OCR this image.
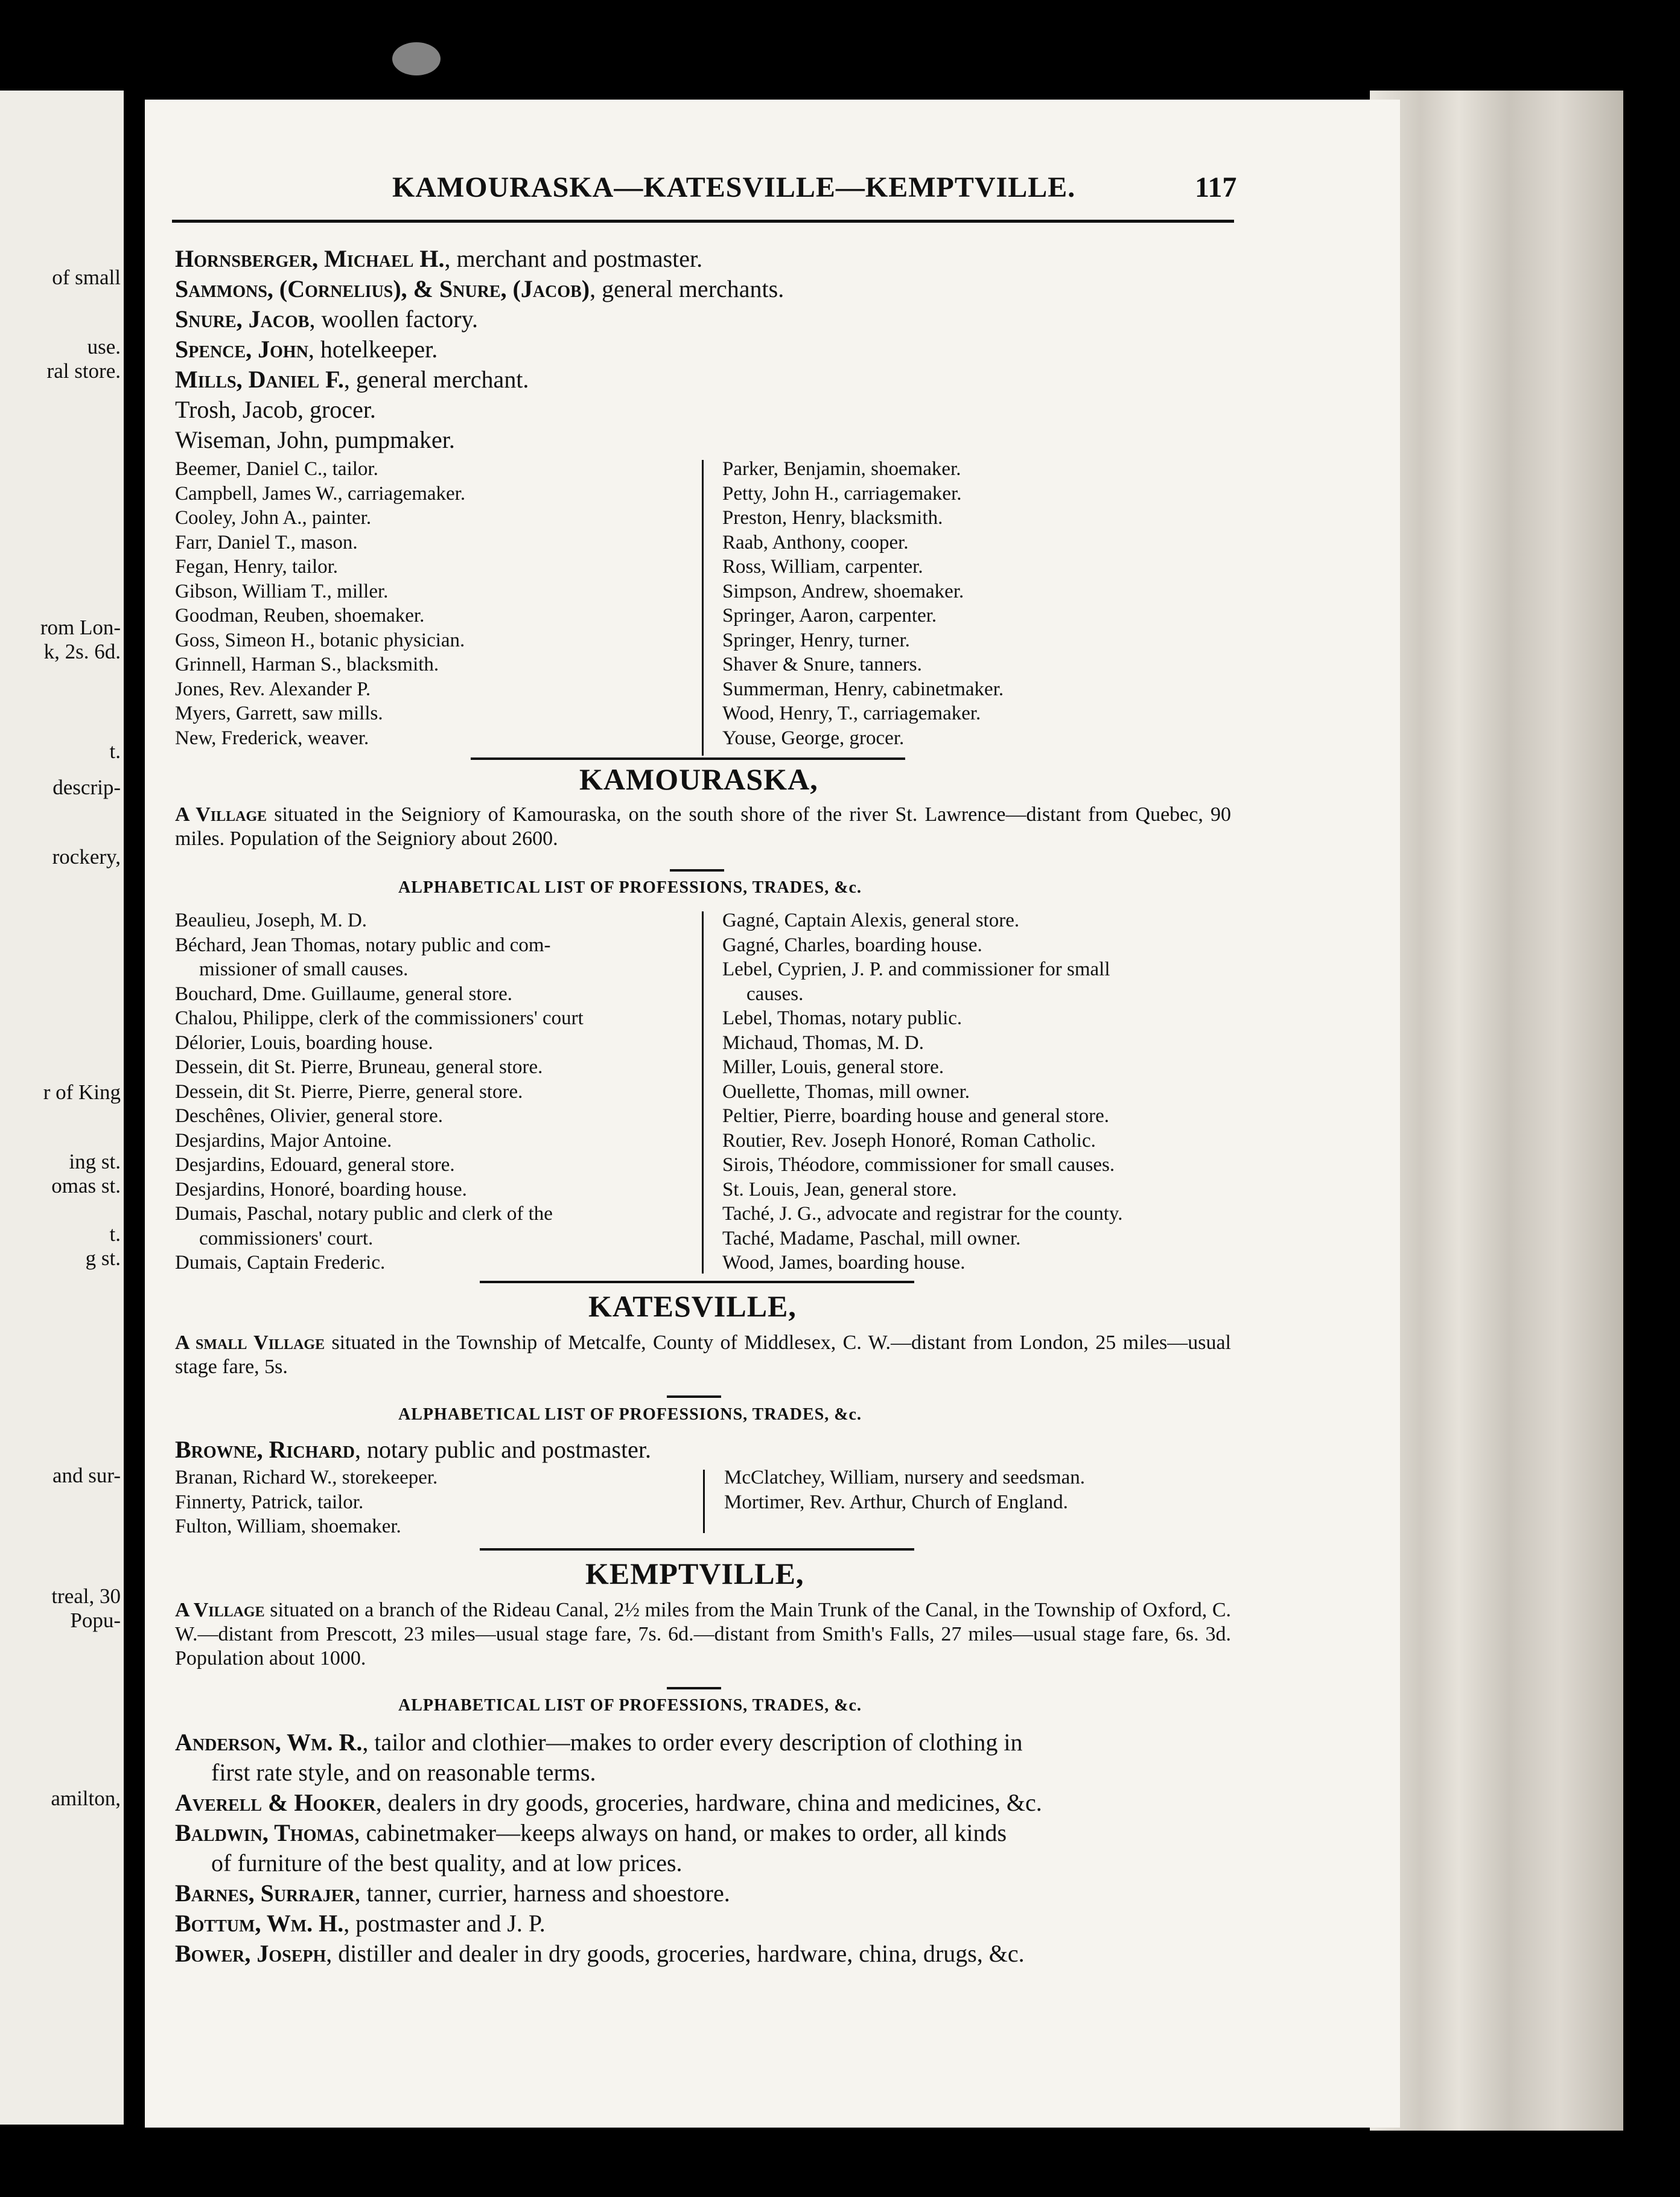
of small
use.
ral store.
rom Lon-
k, 2s. 6d.
t.
descrip-
rockery,
r of King
ing st.
omas st.
t.
g st.
and sur-
treal, 30
Popu-
amilton,
KAMOURASKA—KATESVILLE—KEMPTVILLE.	117
Hornsberger, Michael H., merchant and postmaster.
Sammons, (Cornelius), & Snure, (Jacob), general merchants.
Snure, Jacob, woollen factory.
Spence, John, hotelkeeper.
Mills, Daniel F., general merchant.
Trosh, Jacob, grocer.
Wiseman, John, pumpmaker.
Beemer, Daniel C., tailor.
Campbell, James W., carriagemaker.
Cooley, John A., painter.
Farr, Daniel T., mason.
Fegan, Henry, tailor.
Gibson, William T., miller.
Goodman, Reuben, shoemaker.
Goss, Simeon H., botanic physician.
Grinnell, Harman S., blacksmith.
Jones, Rev. Alexander P.
Myers, Garrett, saw mills.
New, Frederick, weaver.
Parker, Benjamin, shoemaker.
Petty, John H., carriagemaker.
Preston, Henry, blacksmith.
Raab, Anthony, cooper.
Ross, William, carpenter.
Simpson, Andrew, shoemaker.
Springer, Aaron, carpenter.
Springer, Henry, turner.
Shaver & Snure, tanners.
Summerman, Henry, cabinetmaker.
Wood, Henry, T., carriagemaker.
Youse, George, grocer.
KAMOURASKA,
A Village situated in the Seigniory of Kamouraska, on the south shore of the river St. Lawrence—distant from Quebec, 90 miles. Population of the Seigniory about 2600.
ALPHABETICAL LIST OF PROFESSIONS, TRADES, &c.
Beaulieu, Joseph, M. D.
Béchard, Jean Thomas, notary public and com-
missioner of small causes.
Bouchard, Dme. Guillaume, general store.
Chalou, Philippe, clerk of the commissioners' court
Délorier, Louis, boarding house.
Dessein, dit St. Pierre, Bruneau, general store.
Dessein, dit St. Pierre, Pierre, general store.
Deschênes, Olivier, general store.
Desjardins, Major Antoine.
Desjardins, Edouard, general store.
Desjardins, Honoré, boarding house.
Dumais, Paschal, notary public and clerk of the
commissioners' court.
Dumais, Captain Frederic.
Gagné, Captain Alexis, general store.
Gagné, Charles, boarding house.
Lebel, Cyprien, J. P. and commissioner for small
causes.
Lebel, Thomas, notary public.
Michaud, Thomas, M. D.
Miller, Louis, general store.
Ouellette, Thomas, mill owner.
Peltier, Pierre, boarding house and general store.
Routier, Rev. Joseph Honoré, Roman Catholic.
Sirois, Théodore, commissioner for small causes.
St. Louis, Jean, general store.
Taché, J. G., advocate and registrar for the county.
Taché, Madame, Paschal, mill owner.
Wood, James, boarding house.
KATESVILLE,
A small Village situated in the Township of Metcalfe, County of Middlesex, C. W.—distant from London, 25 miles—usual stage fare, 5s.
ALPHABETICAL LIST OF PROFESSIONS, TRADES, &c.
Browne, Richard, notary public and postmaster.
Branan, Richard W., storekeeper.
Finnerty, Patrick, tailor.
Fulton, William, shoemaker.
McClatchey, William, nursery and seedsman.
Mortimer, Rev. Arthur, Church of England.
KEMPTVILLE,
A Village situated on a branch of the Rideau Canal, 2½ miles from the Main Trunk of the Canal, in the Township of Oxford, C. W.—distant from Prescott, 23 miles—usual stage fare, 7s. 6d.—distant from Smith's Falls, 27 miles—usual stage fare, 6s. 3d. Population about 1000.
ALPHABETICAL LIST OF PROFESSIONS, TRADES, &c.
Anderson, Wm. R., tailor and clothier—makes to order every description of clothing in
first rate style, and on reasonable terms.
Averell & Hooker, dealers in dry goods, groceries, hardware, china and medicines, &c.
Baldwin, Thomas, cabinetmaker—keeps always on hand, or makes to order, all kinds
of furniture of the best quality, and at low prices.
Barnes, Surrajer, tanner, currier, harness and shoestore.
Bottum, Wm. H., postmaster and J. P.
Bower, Joseph, distiller and dealer in dry goods, groceries, hardware, china, drugs, &c.
